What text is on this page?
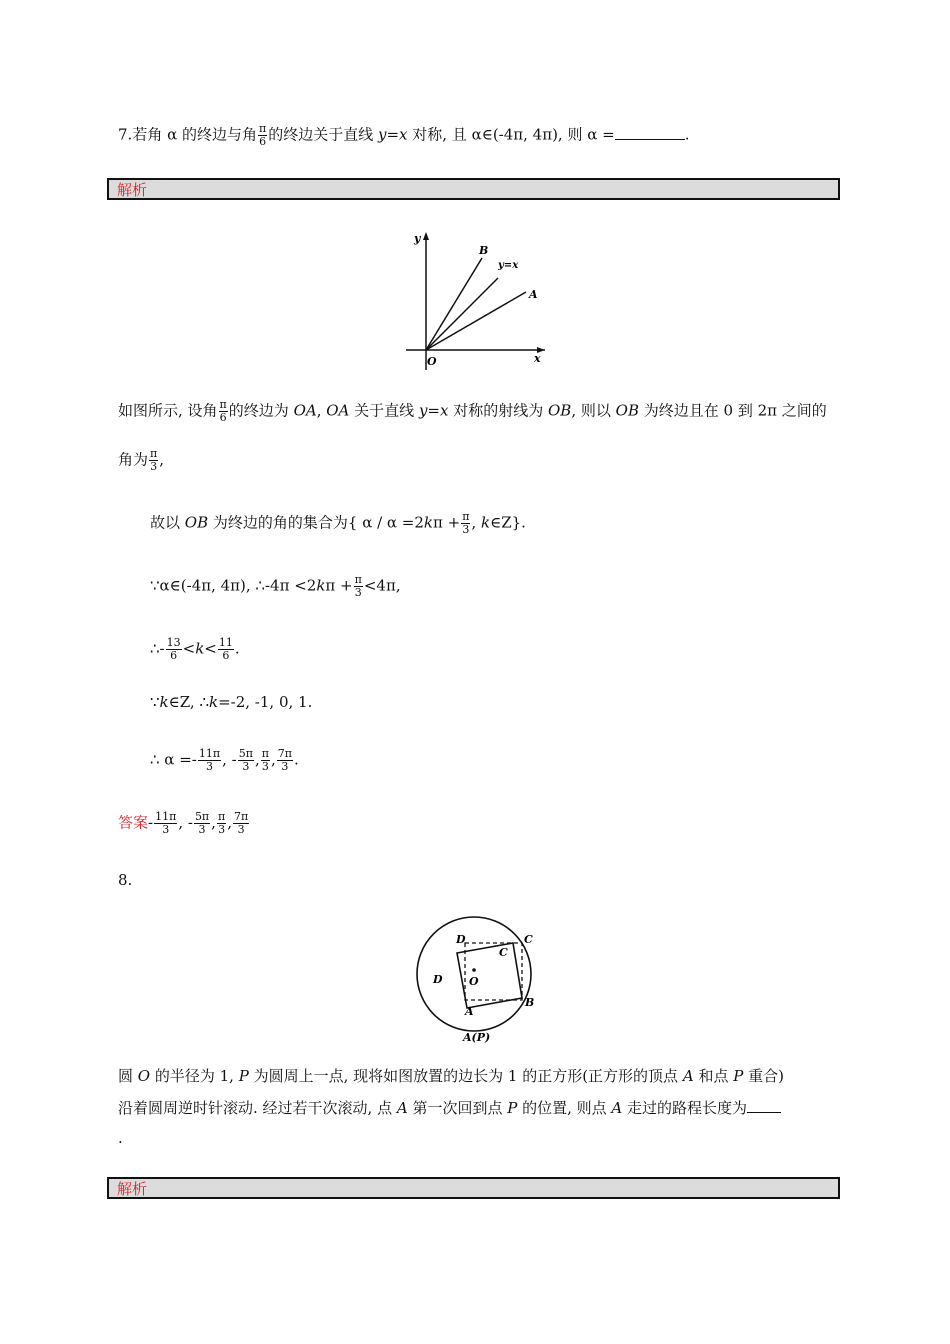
7.若角 α 的终边与角 $\frac{\pi}{6}$ 的终边关于直线 y=x 对称, 且 α∈(-4π, 4π), 则 α =	.
解析
y
x
O
B
y=x
A
如图所示, 设角 $\frac{\pi}{6}$ 的终边为 OA, OA 关于直线 y=x 对称的射线为 OB, 则以 OB 为终边且在 0 到 2π 之间的
角为 $\frac{\pi}{3}$ ,
故以 OB 为终边的角的集合为{ $\alpha / \alpha =2k\pi + \frac{\pi}{3}$ , k∈Z}.
∵α∈(-4π, 4π), ∴-4π $<2k\pi + \frac{\pi}{3} <4\pi$,
∴- $\frac{13}{6} <k< \frac{11}{6}$ .
∵k∈Z, ∴k=-2, -1, 0, 1.
∴ $\alpha =- \frac{11\pi}{3}$ , - $\frac{5\pi}{3}$ , $\frac{\pi}{3}$ , $\frac{7\pi}{3}$ .
答案- $\frac{11\pi}{3}$ , - $\frac{5\pi}{3}$ , $\frac{\pi}{3}$ , $\frac{7\pi}{3}$
8.
D	C
C
O
D
B
A
A(P)
圆 O 的半径为 1, P 为圆周上一点, 现将如图放置的边长为 1 的正方形(正方形的顶点 A 和点 P 重合)
沿着圆周逆时针滚动. 经过若干次滚动, 点 A 第一次回到点 P 的位置, 则点 A 走过的路程长度为
.
解析
